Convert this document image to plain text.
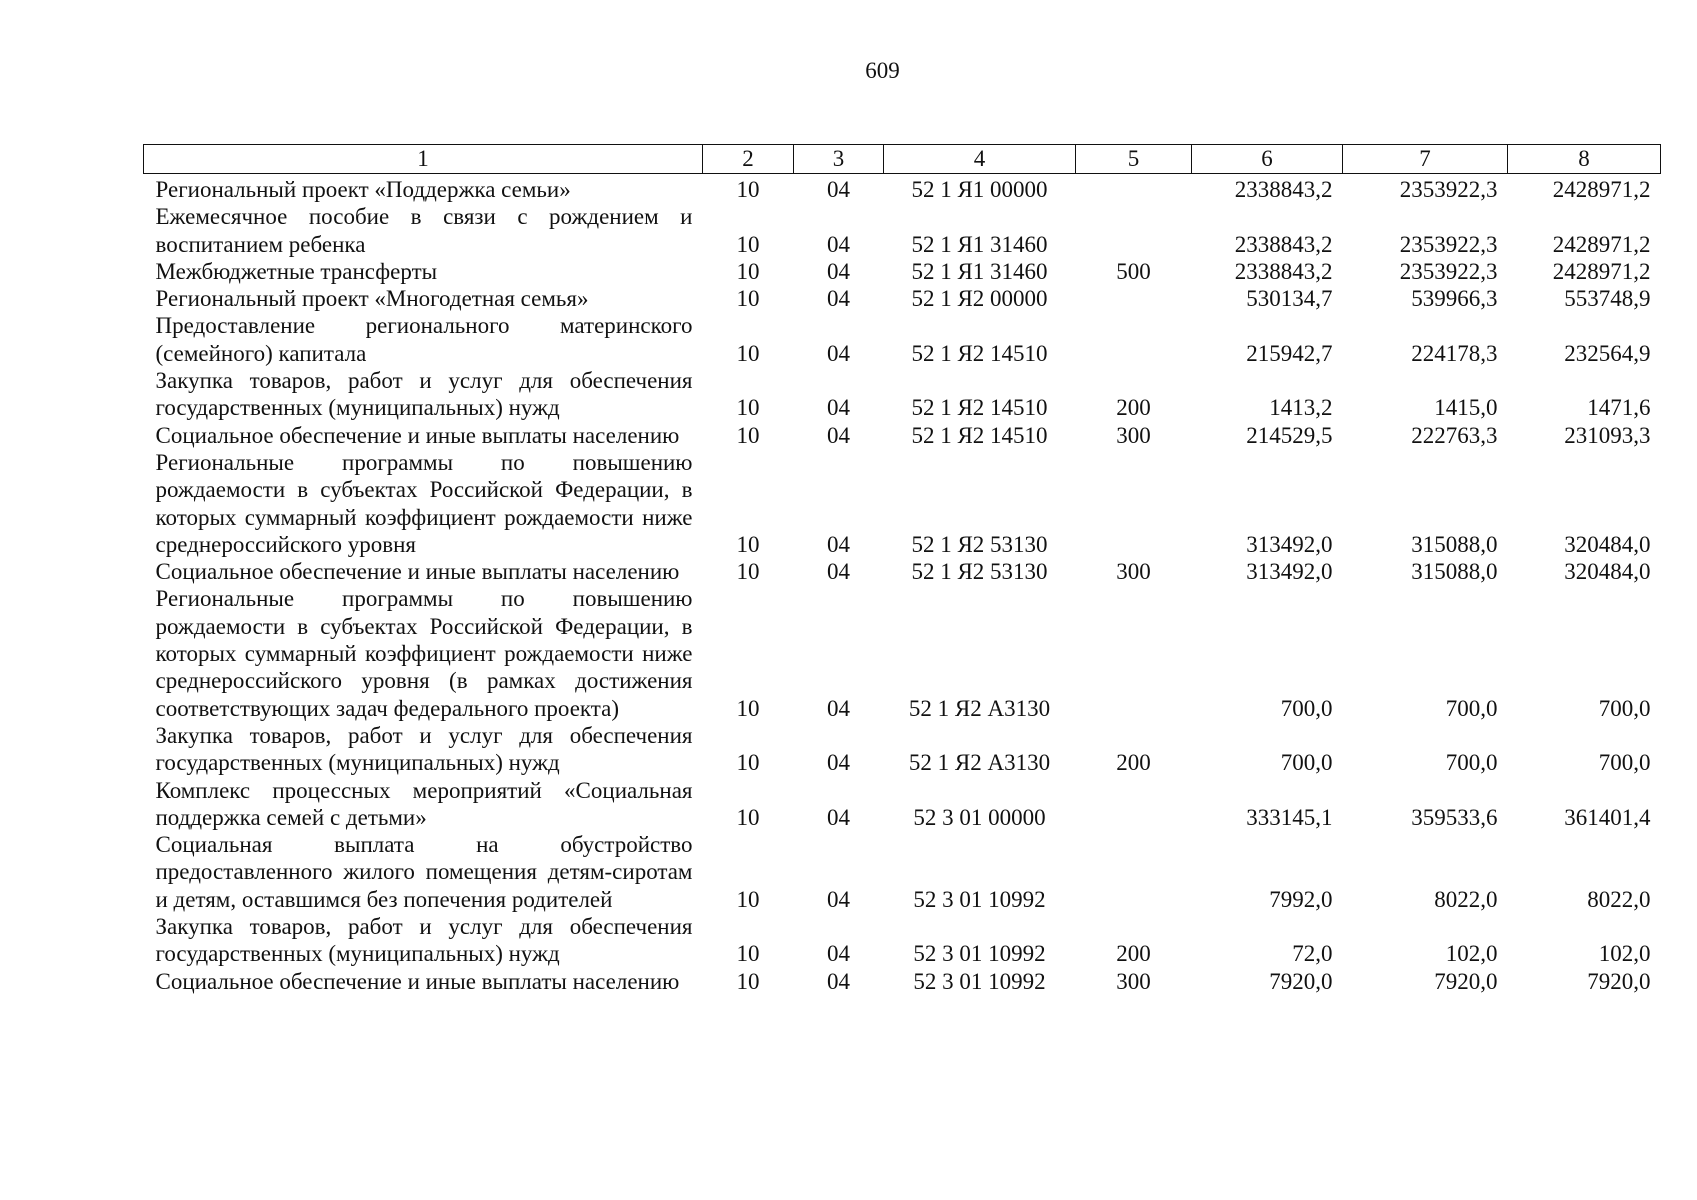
609
1	2	3	4	5	6	7	8
Региональный проект «Поддержка семьи»	10	04	52 1 Я1 00000		2338843,2	2353922,3	2428971,2
Ежемесячное пособие в связи с рождением и воспитанием ребенка	10	04	52 1 Я1 31460		2338843,2	2353922,3	2428971,2
Межбюджетные трансферты	10	04	52 1 Я1 31460	500	2338843,2	2353922,3	2428971,2
Региональный проект «Многодетная семья»	10	04	52 1 Я2 00000		530134,7	539966,3	553748,9
Предоставление регионального материнского (семейного) капитала	10	04	52 1 Я2 14510		215942,7	224178,3	232564,9
Закупка товаров, работ и услуг для обеспечения государственных (муниципальных) нужд	10	04	52 1 Я2 14510	200	1413,2	1415,0	1471,6
Социальное обеспечение и иные выплаты населению	10	04	52 1 Я2 14510	300	214529,5	222763,3	231093,3
Региональные программы по повышению рождаемости в субъектах Российской Федерации, в которых суммарный коэффициент рождаемости ниже среднероссийского уровня	10	04	52 1 Я2 53130		313492,0	315088,0	320484,0
Социальное обеспечение и иные выплаты населению	10	04	52 1 Я2 53130	300	313492,0	315088,0	320484,0
Региональные программы по повышению рождаемости в субъектах Российской Федерации, в которых суммарный коэффициент рождаемости ниже среднероссийского уровня (в рамках достижения соответствующих задач федерального проекта)	10	04	52 1 Я2 А3130		700,0	700,0	700,0
Закупка товаров, работ и услуг для обеспечения государственных (муниципальных) нужд	10	04	52 1 Я2 А3130	200	700,0	700,0	700,0
Комплекс процессных мероприятий «Социальная поддержка семей с детьми»	10	04	52 3 01 00000		333145,1	359533,6	361401,4
Социальная выплата на обустройство предоставленного жилого помещения детям-сиротам и детям, оставшимся без попечения родителей	10	04	52 3 01 10992		7992,0	8022,0	8022,0
Закупка товаров, работ и услуг для обеспечения государственных (муниципальных) нужд	10	04	52 3 01 10992	200	72,0	102,0	102,0
Социальное обеспечение и иные выплаты населению	10	04	52 3 01 10992	300	7920,0	7920,0	7920,0
